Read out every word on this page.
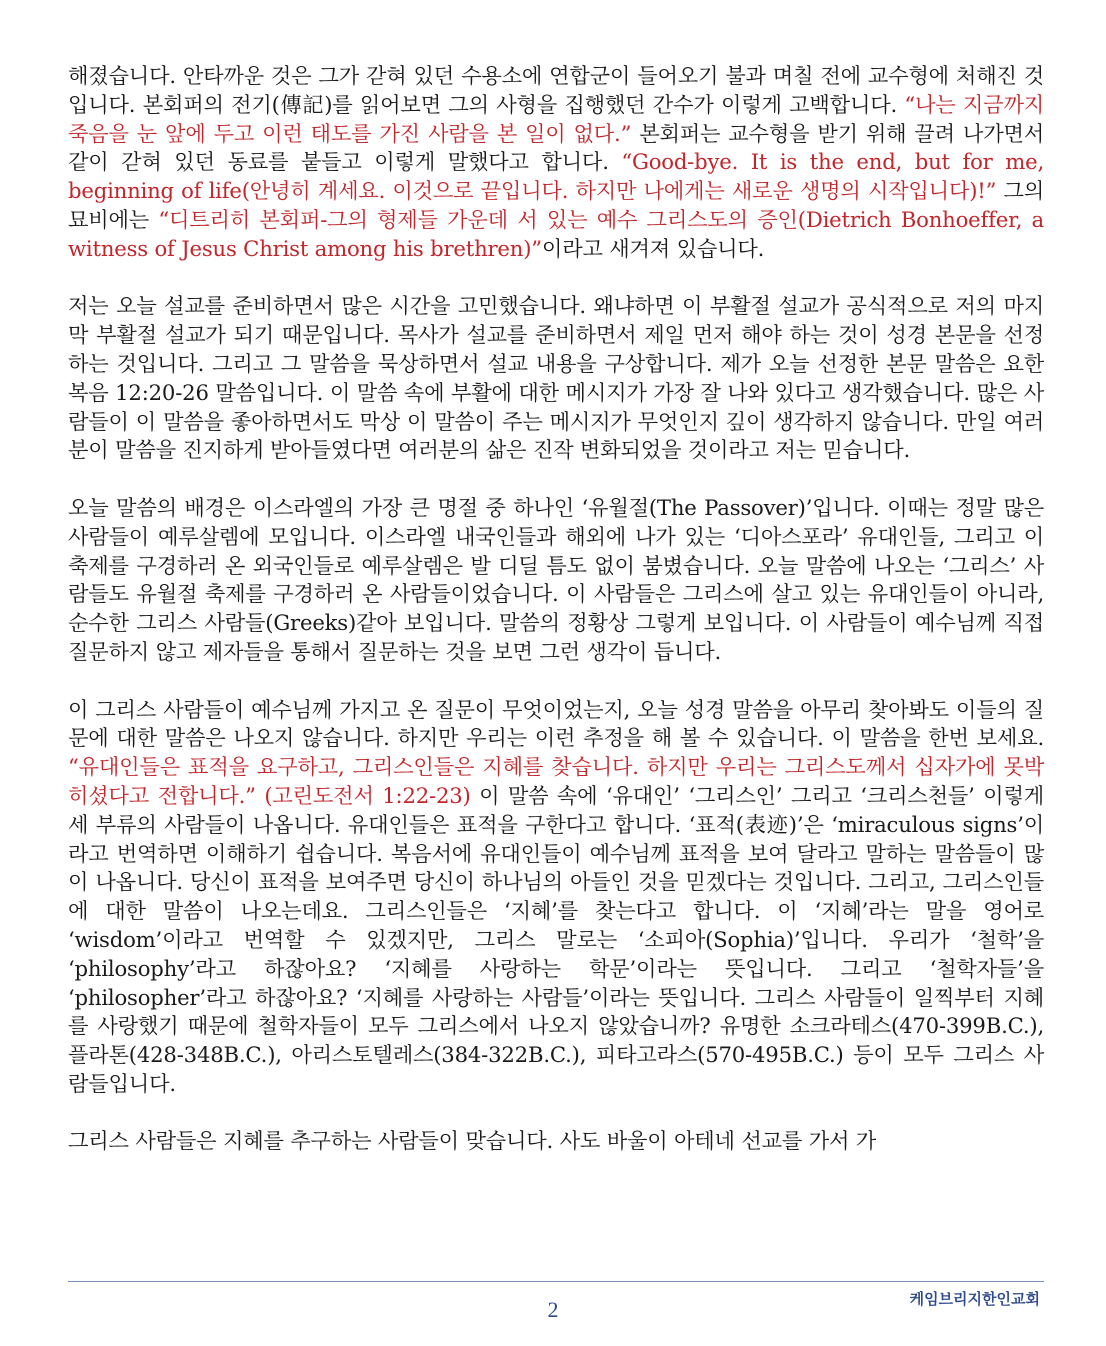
해졌습니다. 안타까운 것은 그가 갇혀 있던 수용소에 연합군이 들어오기 불과 며칠 전에 교수형에 처해진 것입니다. 본회퍼의 전기(傳記)를 읽어보면 그의 사형을 집행했던 간수가 이렇게 고백합니다. “나는 지금까지 죽음을 눈 앞에 두고 이런 태도를 가진 사람을 본 일이 없다.” 본회퍼는 교수형을 받기 위해 끌려 나가면서 같이 갇혀 있던 동료를 붙들고 이렇게 말했다고 합니다. “Good-bye. It is the end, but for me, beginning of life(안녕히 계세요. 이것으로 끝입니다. 하지만 나에게는 새로운 생명의 시작입니다)!” 그의 묘비에는 “디트리히 본회퍼-그의 형제들 가운데 서 있는 예수 그리스도의 증인(Dietrich Bonhoeffer, a witness of Jesus Christ among his brethren)”이라고 새겨져 있습니다.

저는 오늘 설교를 준비하면서 많은 시간을 고민했습니다. 왜냐하면 이 부활절 설교가 공식적으로 저의 마지막 부활절 설교가 되기 때문입니다. 목사가 설교를 준비하면서 제일 먼저 해야 하는 것이 성경 본문을 선정하는 것입니다. 그리고 그 말씀을 묵상하면서 설교 내용을 구상합니다. 제가 오늘 선정한 본문 말씀은 요한복음 12:20-26 말씀입니다. 이 말씀 속에 부활에 대한 메시지가 가장 잘 나와 있다고 생각했습니다. 많은 사람들이 이 말씀을 좋아하면서도 막상 이 말씀이 주는 메시지가 무엇인지 깊이 생각하지 않습니다. 만일 여러분이 말씀을 진지하게 받아들였다면 여러분의 삶은 진작 변화되었을 것이라고 저는 믿습니다.

오늘 말씀의 배경은 이스라엘의 가장 큰 명절 중 하나인 ‘유월절(The Passover)’입니다. 이때는 정말 많은 사람들이 예루살렘에 모입니다. 이스라엘 내국인들과 해외에 나가 있는 ‘디아스포라’ 유대인들, 그리고 이 축제를 구경하러 온 외국인들로 예루살렘은 발 디딜 틈도 없이 붐볐습니다. 오늘 말씀에 나오는 ‘그리스’ 사람들도 유월절 축제를 구경하러 온 사람들이었습니다. 이 사람들은 그리스에 살고 있는 유대인들이 아니라, 순수한 그리스 사람들(Greeks)같아 보입니다. 말씀의 정황상 그렇게 보입니다. 이 사람들이 예수님께 직접 질문하지 않고 제자들을 통해서 질문하는 것을 보면 그런 생각이 듭니다.

이 그리스 사람들이 예수님께 가지고 온 질문이 무엇이었는지, 오늘 성경 말씀을 아무리 찾아봐도 이들의 질문에 대한 말씀은 나오지 않습니다. 하지만 우리는 이런 추정을 해 볼 수 있습니다. 이 말씀을 한번 보세요. “유대인들은 표적을 요구하고, 그리스인들은 지혜를 찾습니다. 하지만 우리는 그리스도께서 십자가에 못박히셨다고 전합니다.” (고린도전서 1:22-23) 이 말씀 속에 ‘유대인’ ‘그리스인’ 그리고 ‘크리스천들’ 이렇게 세 부류의 사람들이 나옵니다. 유대인들은 표적을 구한다고 합니다. ‘표적(表迹)’은 ‘miraculous signs’이라고 번역하면 이해하기 쉽습니다. 복음서에 유대인들이 예수님께 표적을 보여 달라고 말하는 말씀들이 많이 나옵니다. 당신이 표적을 보여주면 당신이 하나님의 아들인 것을 믿겠다는 것입니다. 그리고, 그리스인들에 대한 말씀이 나오는데요. 그리스인들은 ‘지혜’를 찾는다고 합니다. 이 ‘지혜’라는 말을 영어로 ‘wisdom’이라고 번역할 수 있겠지만, 그리스 말로는 ‘소피아(Sophia)’입니다. 우리가 ‘철학’을 ‘philosophy’라고 하잖아요? ‘지혜를 사랑하는 학문’이라는 뜻입니다. 그리고 ‘철학자들’을 ‘philosopher’라고 하잖아요? ‘지혜를 사랑하는 사람들’이라는 뜻입니다. 그리스 사람들이 일찍부터 지혜를 사랑했기 때문에 철학자들이 모두 그리스에서 나오지 않았습니까? 유명한 소크라테스(470-399B.C.), 플라톤(428-348B.C.), 아리스토텔레스(384-322B.C.), 피타고라스(570-495B.C.) 등이 모두 그리스 사람들입니다.

그리스 사람들은 지혜를 추구하는 사람들이 맞습니다. 사도 바울이 아테네 선교를 가서 가

케임브리지한인교회
2
